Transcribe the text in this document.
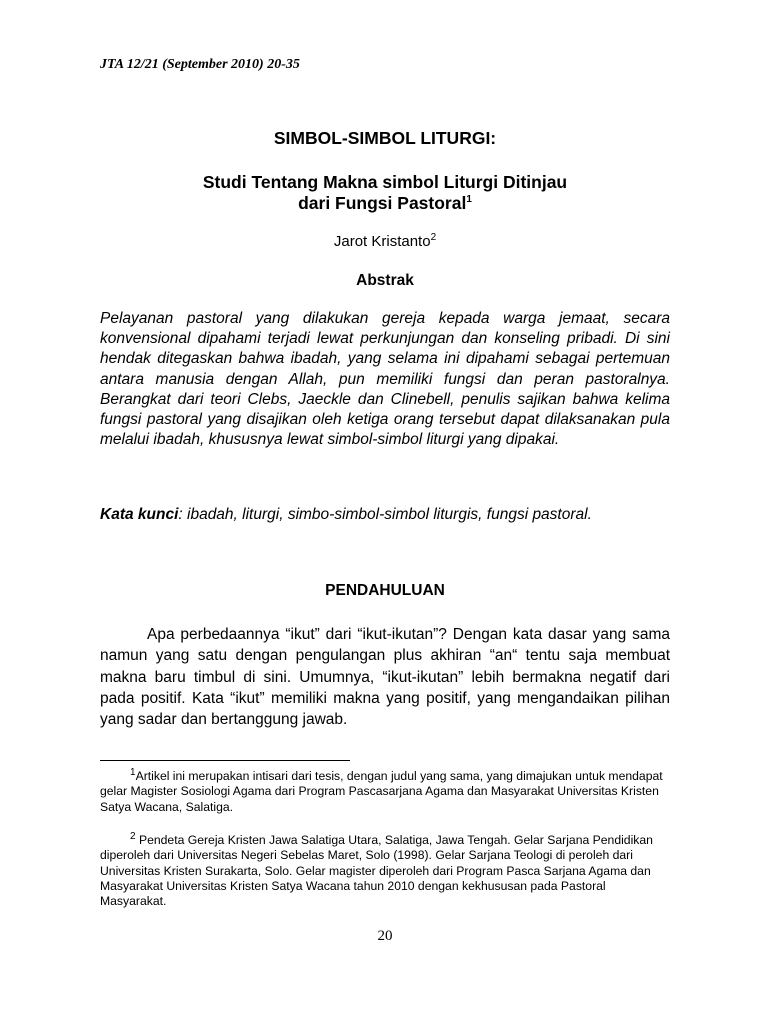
JTA 12/21 (September 2010) 20-35
SIMBOL-SIMBOL LITURGI:
Studi Tentang Makna simbol Liturgi Ditinjau
dari Fungsi Pastoral$^1$
Jarot Kristanto$^2$
Abstrak

Pelayanan pastoral yang dilakukan gereja kepada warga jemaat, secara konvensional dipahami terjadi lewat perkunjungan dan konseling pribadi. Di sini hendak ditegaskan bahwa ibadah, yang selama ini dipahami sebagai pertemuan antara manusia dengan Allah, pun memiliki fungsi dan peran pastoralnya. Berangkat dari teori Clebs, Jaeckle dan Clinebell, penulis sajikan bahwa kelima fungsi pastoral yang disajikan oleh ketiga orang tersebut dapat dilaksanakan pula melalui ibadah, khususnya lewat simbol-simbol liturgi yang dipakai.

Kata kunci: ibadah, liturgi, simbo-simbol-simbol liturgis, fungsi pastoral.

PENDAHULUAN

Apa perbedaannya “ikut” dari “ikut-ikutan”? Dengan kata dasar yang sama namun yang satu dengan pengulangan plus akhiran “an“ tentu saja membuat makna baru timbul di sini. Umumnya, “ikut-ikutan” lebih bermakna negatif dari pada positif. Kata “ikut” memiliki makna yang positif, yang mengandaikan pilihan yang sadar dan bertanggung jawab.

$^1$Artikel ini merupakan intisari dari tesis, dengan judul yang sama, yang dimajukan untuk mendapat gelar Magister Sosiologi Agama dari Program Pascasarjana Agama dan Masyarakat Universitas Kristen Satya Wacana, Salatiga.

$^2$ Pendeta Gereja Kristen Jawa Salatiga Utara, Salatiga, Jawa Tengah. Gelar Sarjana Pendidikan diperoleh dari Universitas Negeri Sebelas Maret, Solo (1998). Gelar Sarjana Teologi di peroleh dari Universitas Kristen Surakarta, Solo. Gelar magister diperoleh dari Program Pasca Sarjana Agama dan Masyarakat Universitas Kristen Satya Wacana tahun 2010 dengan kekhususan pada Pastoral Masyarakat.

20
